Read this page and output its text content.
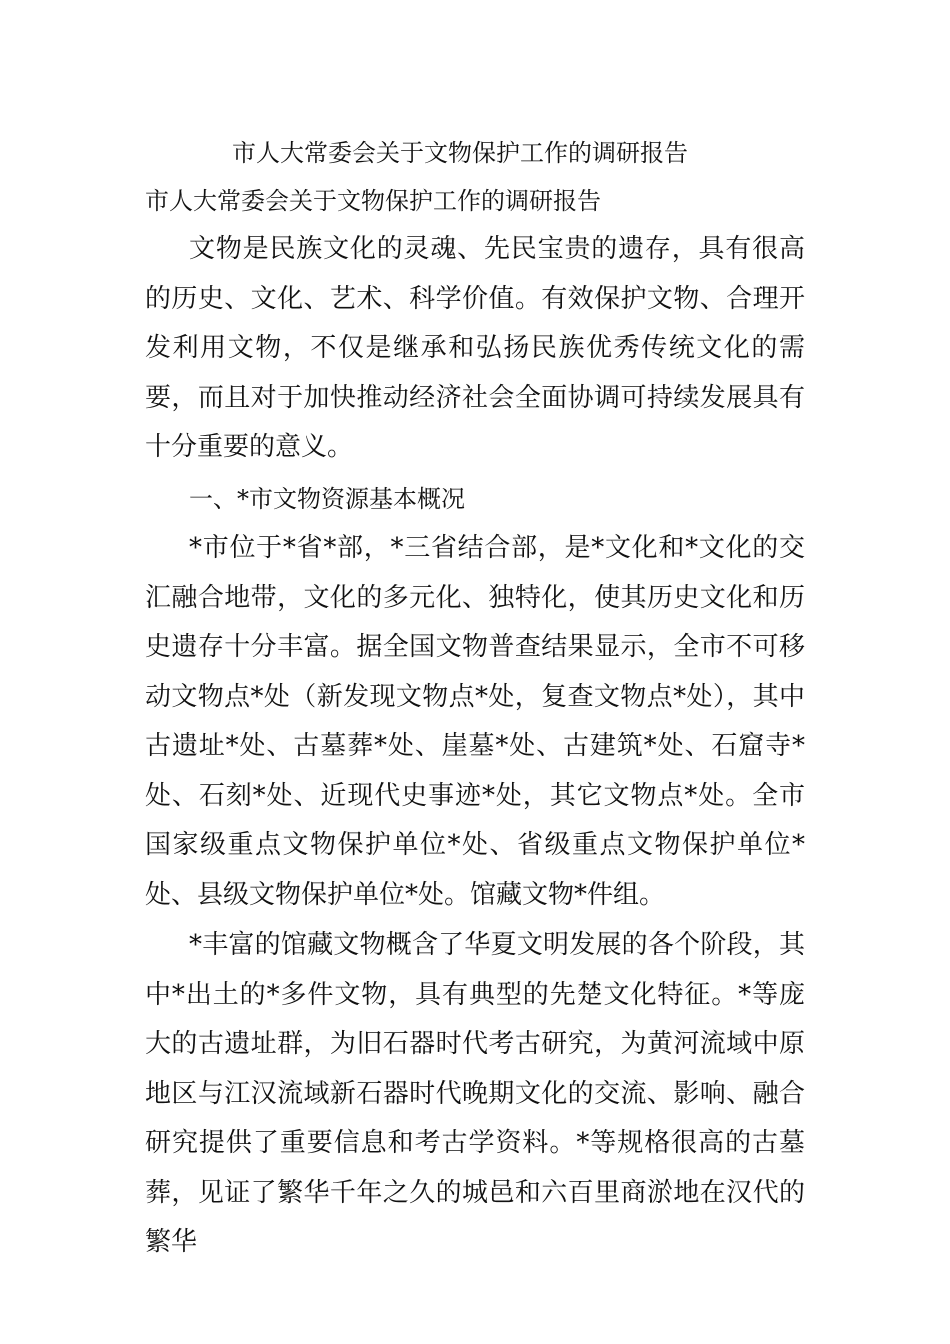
市人大常委会关于文物保护工作的调研报告
市人大常委会关于文物保护工作的调研报告

文物是民族文化的灵魂、先民宝贵的遗存，具有很高的历史、文化、艺术、科学价值。有效保护文物、合理开发利用文物，不仅是继承和弘扬民族优秀传统文化的需要，而且对于加快推动经济社会全面协调可持续发展具有十分重要的意义。

一、*市文物资源基本概况

*市位于*省*部，*三省结合部，是*文化和*文化的交汇融合地带，文化的多元化、独特化，使其历史文化和历史遗存十分丰富。据全国文物普查结果显示，全市不可移动文物点*处（新发现文物点*处，复查文物点*处），其中古遗址*处、古墓葬*处、崖墓*处、古建筑*处、石窟寺*处、石刻*处、近现代史事迹*处，其它文物点*处。全市国家级重点文物保护单位*处、省级重点文物保护单位*处、县级文物保护单位*处。馆藏文物*件组。

*丰富的馆藏文物概含了华夏文明发展的各个阶段，其中*出土的*多件文物，具有典型的先楚文化特征。*等庞大的古遗址群，为旧石器时代考古研究，为黄河流域中原地区与江汉流域新石器时代晚期文化的交流、影响、融合研究提供了重要信息和考古学资料。*等规格很高的古墓葬，见证了繁华千年之久的城邑和六百里商淤地在汉代的繁华
